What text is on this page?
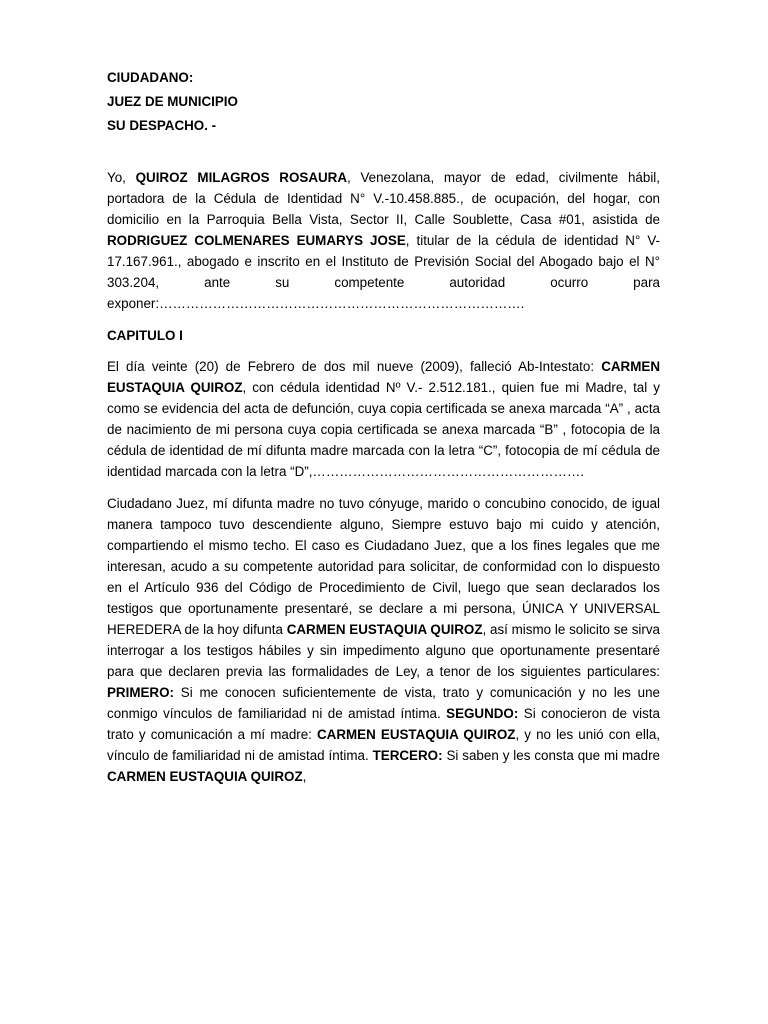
CIUDADANO:
JUEZ DE MUNICIPIO
SU DESPACHO. -

Yo, QUIROZ MILAGROS ROSAURA, Venezolana, mayor de edad, civilmente hábil, portadora de la Cédula de Identidad N° V.-10.458.885., de ocupación, del hogar, con domicilio en la Parroquia Bella Vista, Sector II, Calle Soublette, Casa #01, asistida de RODRIGUEZ COLMENARES EUMARYS JOSE, titular de la cédula de identidad N° V-17.167.961., abogado e inscrito en el Instituto de Previsión Social del Abogado bajo el N° 303.204, ante su competente autoridad ocurro para exponer:……………………………………………………………………….

CAPITULO I

El día veinte (20) de Febrero de dos mil nueve (2009), falleció Ab-Intestato: CARMEN EUSTAQUIA QUIROZ, con cédula identidad Nº V.- 2.512.181., quien fue mi Madre, tal y como se evidencia del acta de defunción, cuya copia certificada se anexa marcada “A” , acta de nacimiento de mi persona cuya copia certificada se anexa marcada “B” , fotocopia de la cédula de identidad de mí difunta madre marcada con la letra “C”, fotocopia de mí cédula de identidad marcada con la letra “D”,…………………………………………………….

Ciudadano Juez, mí difunta madre no tuvo cónyuge, marido o concubino conocido, de igual manera tampoco tuvo descendiente alguno, Siempre estuvo bajo mi cuido y atención, compartiendo el mismo techo. El caso es Ciudadano Juez, que a los fines legales que me interesan, acudo a su competente autoridad para solicitar, de conformidad con lo dispuesto en el Artículo 936 del Código de Procedimiento de Civil, luego que sean declarados los testigos que oportunamente presentaré, se declare a mi persona, ÚNICA Y UNIVERSAL HEREDERA de la hoy difunta CARMEN EUSTAQUIA QUIROZ, así mismo le solicito se sirva interrogar a los testigos hábiles y sin impedimento alguno que oportunamente presentaré para que declaren previa las formalidades de Ley, a tenor de los siguientes particulares: PRIMERO: Si me conocen suficientemente de vista, trato y comunicación y no les une conmigo vínculos de familiaridad ni de amistad íntima. SEGUNDO: Si conocieron de vista trato y comunicación a mí madre: CARMEN EUSTAQUIA QUIROZ, y no les unió con ella, vínculo de familiaridad ni de amistad íntima. TERCERO: Si saben y les consta que mi madre CARMEN EUSTAQUIA QUIROZ,
